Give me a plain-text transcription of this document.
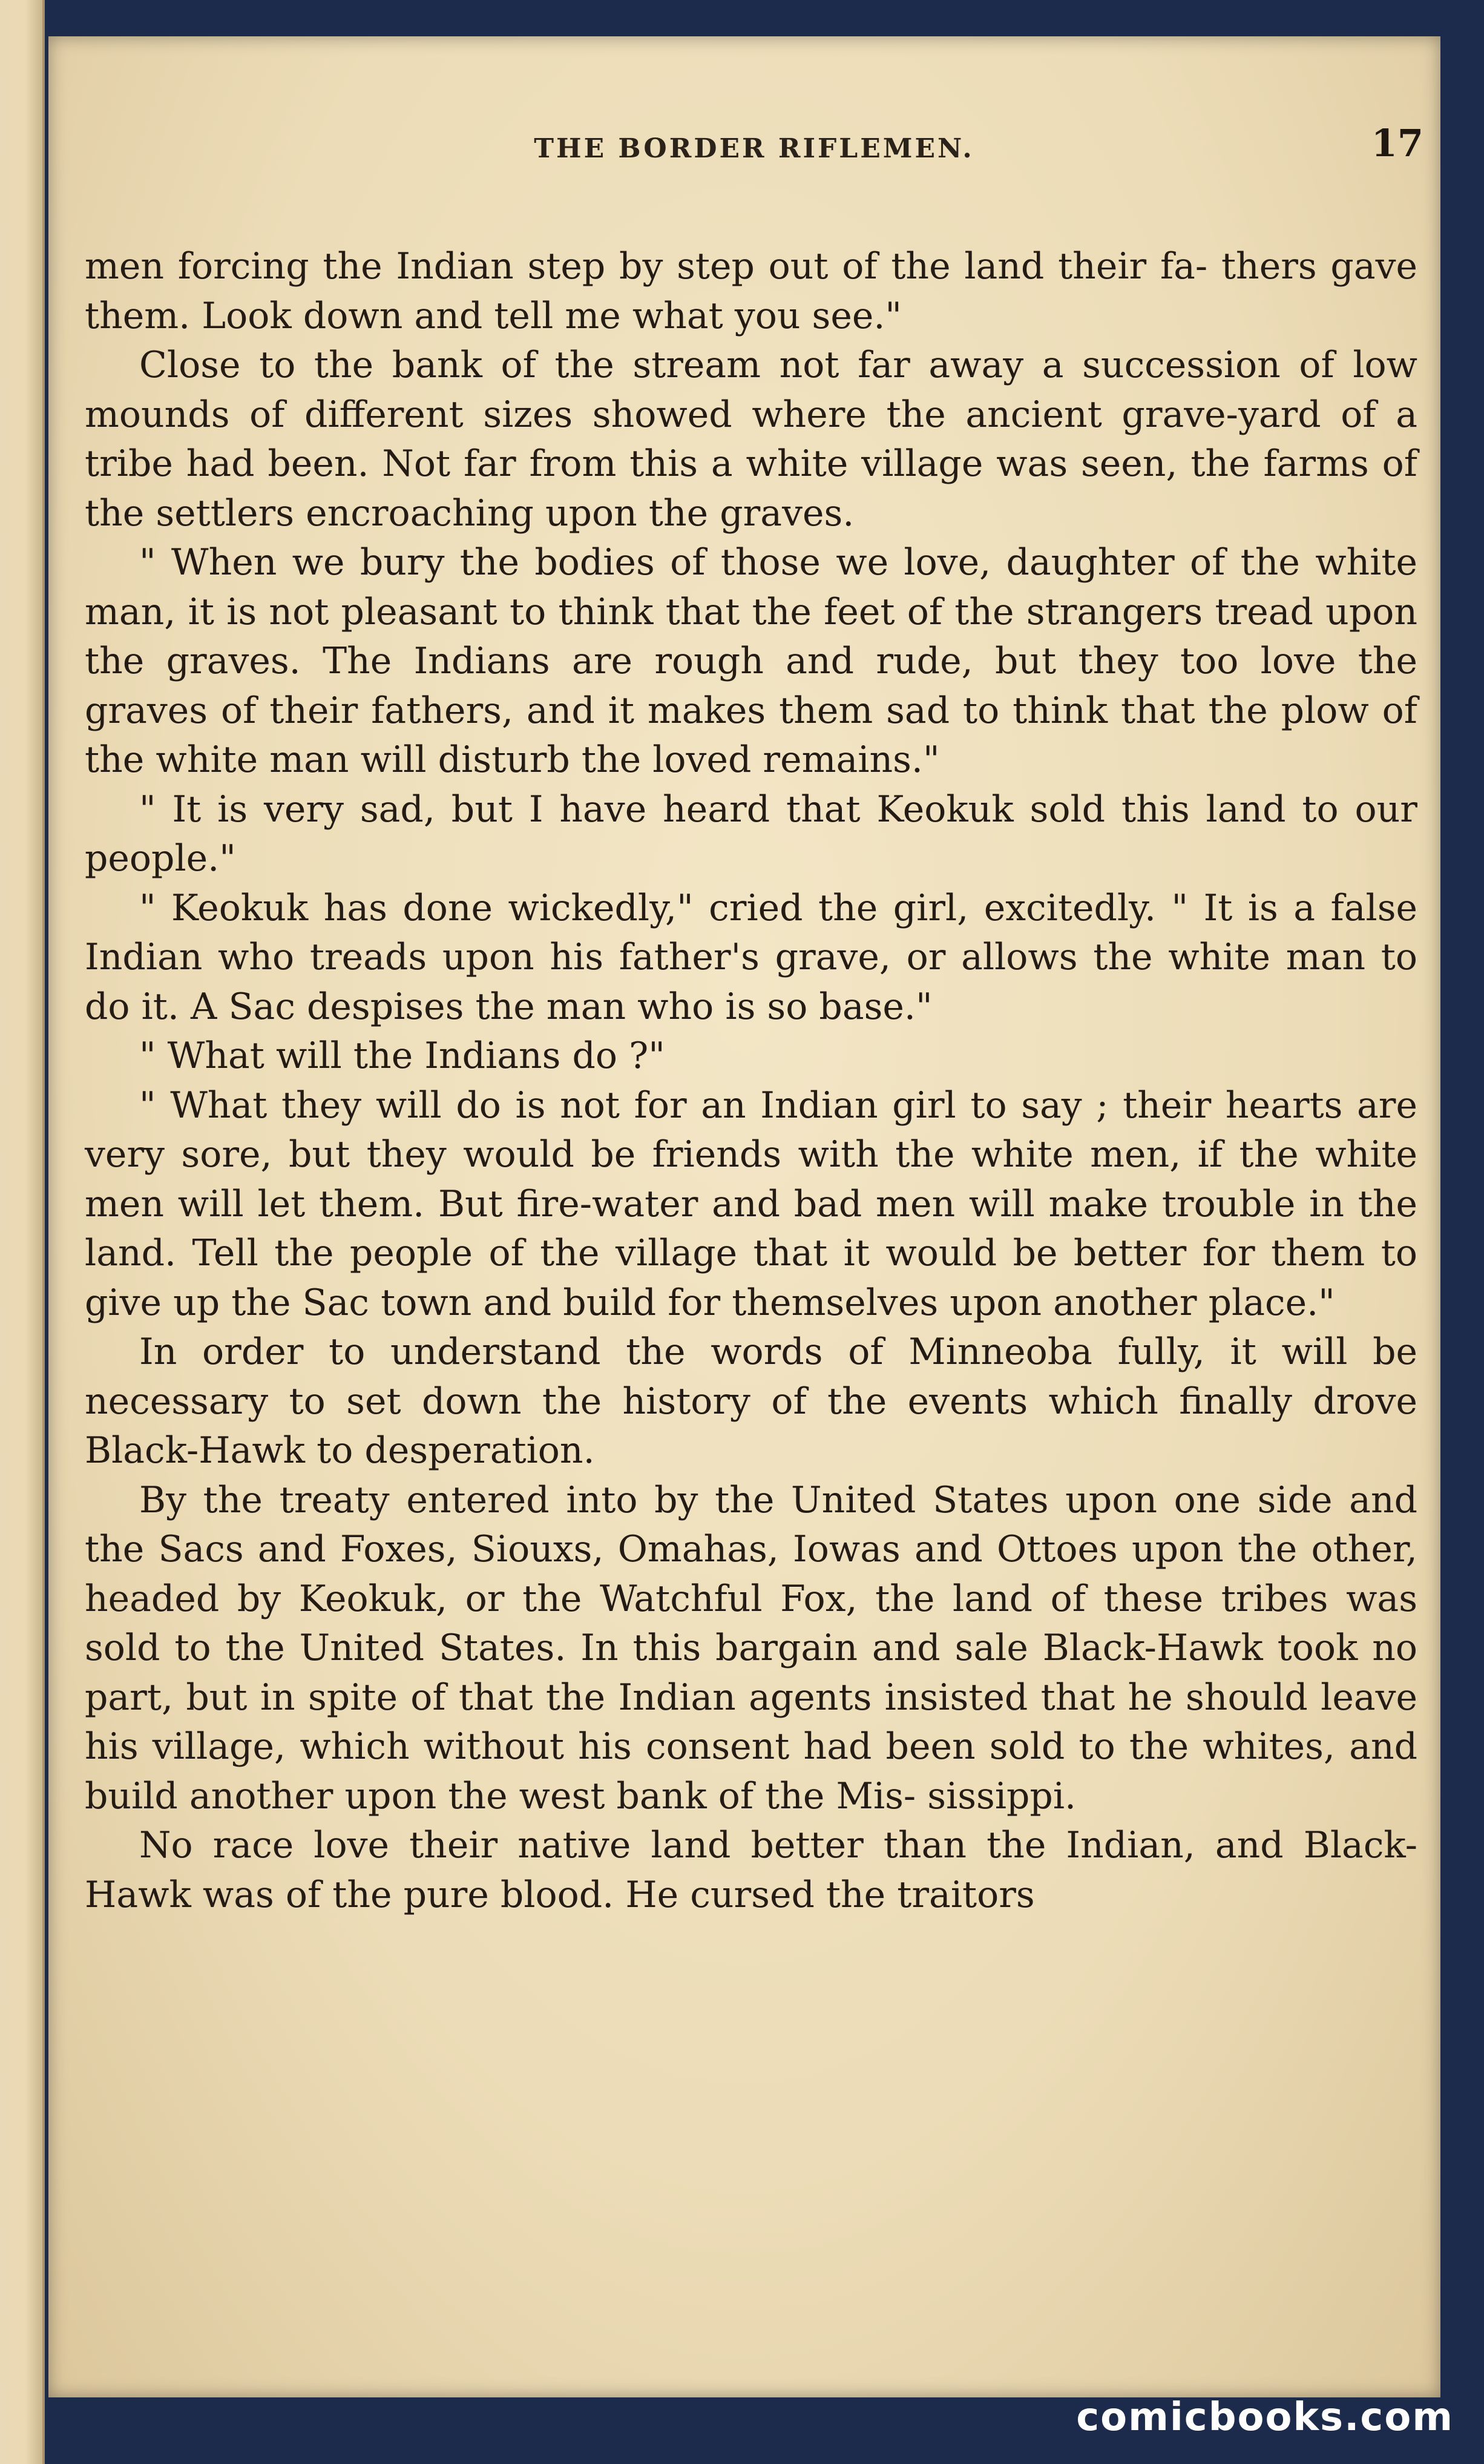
THE BORDER RIFLEMEN.	17

men forcing the Indian step by step out of the land their fa- thers gave them. Look down and tell me what you see."

Close to the bank of the stream not far away a succession of low mounds of different sizes showed where the ancient grave-yard of a tribe had been. Not far from this a white village was seen, the farms of the settlers encroaching upon the graves.

" When we bury the bodies of those we love, daughter of the white man, it is not pleasant to think that the feet of the strangers tread upon the graves. The Indians are rough and rude, but they too love the graves of their fathers, and it makes them sad to think that the plow of the white man will disturb the loved remains."

" It is very sad, but I have heard that Keokuk sold this land to our people."

" Keokuk has done wickedly," cried the girl, excitedly. " It is a false Indian who treads upon his father's grave, or allows the white man to do it. A Sac despises the man who is so base."

" What will the Indians do ?"

" What they will do is not for an Indian girl to say ; their hearts are very sore, but they would be friends with the white men, if the white men will let them. But fire-water and bad men will make trouble in the land. Tell the people of the village that it would be better for them to give up the Sac town and build for themselves upon another place."

In order to understand the words of Minneoba fully, it will be necessary to set down the history of the events which finally drove Black-Hawk to desperation.

By the treaty entered into by the United States upon one side and the Sacs and Foxes, Siouxs, Omahas, Iowas and Ottoes upon the other, headed by Keokuk, or the Watchful Fox, the land of these tribes was sold to the United States. In this bargain and sale Black-Hawk took no part, but in spite of that the Indian agents insisted that he should leave his village, which without his consent had been sold to the whites, and build another upon the west bank of the Mis- sissippi.

No race love their native land better than the Indian, and Black-Hawk was of the pure blood. He cursed the traitors

comicbooks.com
